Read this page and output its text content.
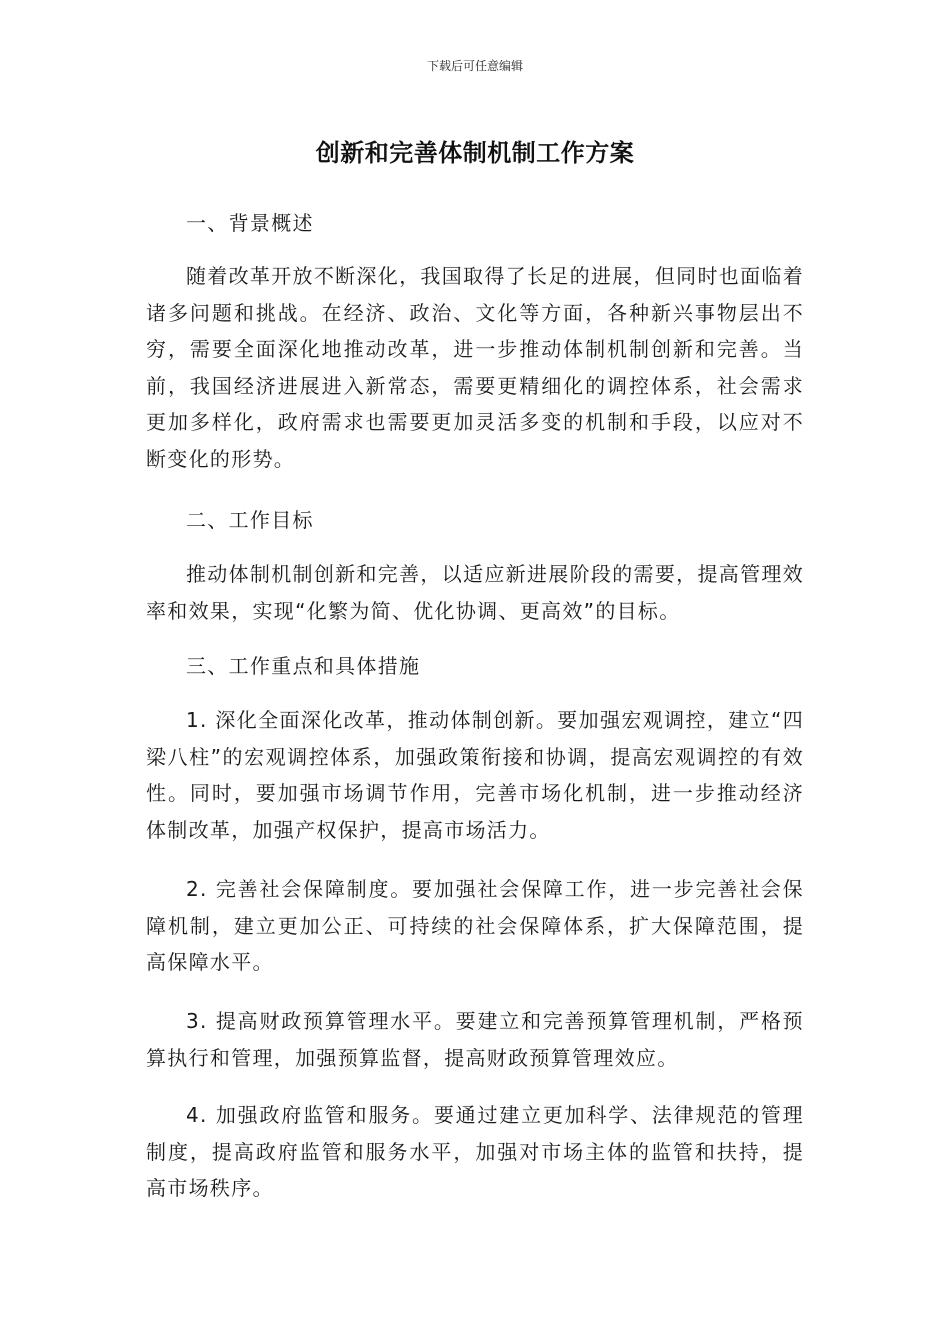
下载后可任意编辑
创新和完善体制机制工作方案

一、背景概述

随着改革开放不断深化，我国取得了长足的进展，但同时也面临着诸多问题和挑战。在经济、政治、文化等方面，各种新兴事物层出不穷，需要全面深化地推动改革，进一步推动体制机制创新和完善。当前，我国经济进展进入新常态，需要更精细化的调控体系，社会需求更加多样化，政府需求也需要更加灵活多变的机制和手段，以应对不断变化的形势。

二、工作目标

推动体制机制创新和完善，以适应新进展阶段的需要，提高管理效率和效果，实现“化繁为简、优化协调、更高效”的目标。

三、工作重点和具体措施

1. 深化全面深化改革，推动体制创新。要加强宏观调控，建立“四梁八柱”的宏观调控体系，加强政策衔接和协调，提高宏观调控的有效性。同时，要加强市场调节作用，完善市场化机制，进一步推动经济体制改革，加强产权保护，提高市场活力。

2. 完善社会保障制度。要加强社会保障工作，进一步完善社会保障机制，建立更加公正、可持续的社会保障体系，扩大保障范围，提高保障水平。

3. 提高财政预算管理水平。要建立和完善预算管理机制，严格预算执行和管理，加强预算监督，提高财政预算管理效应。

4. 加强政府监管和服务。要通过建立更加科学、法律规范的管理制度，提高政府监管和服务水平，加强对市场主体的监管和扶持，提高市场秩序。
